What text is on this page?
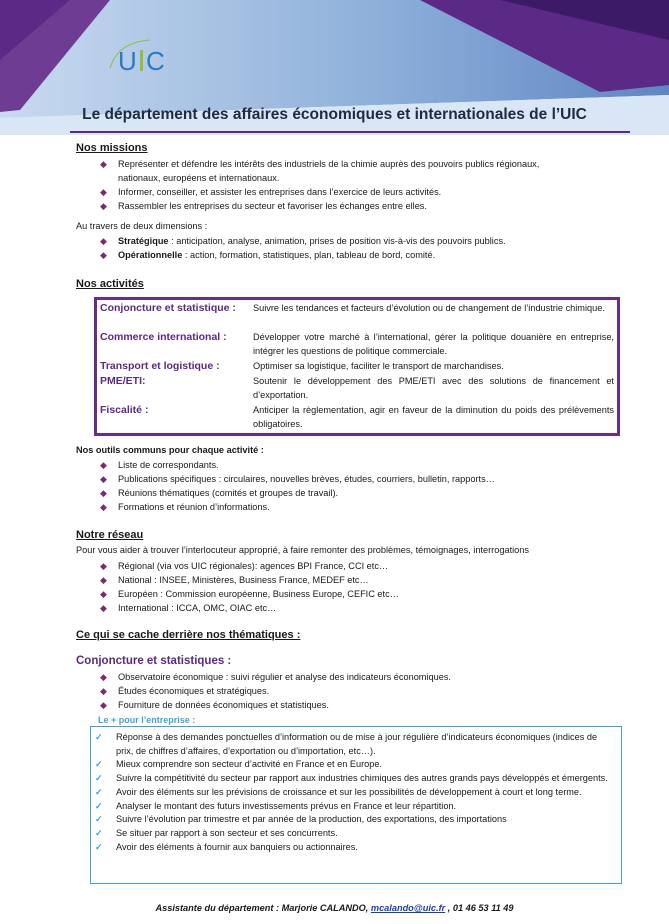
U C
Le département des affaires économiques et internationales de l’UIC
Nos missions
◆ Représenter et défendre les intérêts des industriels de la chimie auprès des pouvoirs publics régionaux,
nationaux, européens et internationaux.
◆ Informer, conseiller, et assister les entreprises dans l’exercice de leurs activités.
◆ Rassembler les entreprises du secteur et favoriser les échanges entre elles.
Au travers de deux dimensions :
◆ Stratégique : anticipation, analyse, animation, prises de position vis-à-vis des pouvoirs publics.
◆ Opérationnelle : action, formation, statistiques, plan, tableau de bord, comité.
Nos activités
Conjoncture et statistique : Suivre les tendances et facteurs d’évolution ou de changement de l’industrie chimique.
Commerce international :	Développer votre marché à l’international, gérer la politique douanière en entreprise, intégrer les questions de politique commerciale.
Transport et logistique :	Optimiser sa logistique, faciliter le transport de marchandises.
PME/ETI:	Soutenir le développement des PME/ETI avec des solutions de financement et d’exportation.
Fiscalité :	Anticiper la règlementation, agir en faveur de la diminution du poids des prélèvements obligatoires.
Nos outils communs pour chaque activité :
◆ Liste de correspondants.
◆ Publications spécifiques : circulaires, nouvelles brèves, études, courriers, bulletin, rapports…
◆ Réunions thématiques (comités et groupes de travail).
◆ Formations et réunion d’informations.
Notre réseau
Pour vous aider à trouver l’interlocuteur approprié, à faire remonter des problèmes, témoignages, interrogations
◆ Régional (via vos UIC régionales): agences BPI France, CCI etc…
◆ National : INSEE, Ministères, Business France, MEDEF etc…
◆ Européen : Commission européenne, Business Europe, CEFIC etc…
◆ International : ICCA, OMC, OIAC etc…
Ce qui se cache derrière nos thématiques :
Conjoncture et statistiques :
◆ Observatoire économique : suivi régulier et analyse des indicateurs économiques.
◆ Études économiques et stratégiques.
◆ Fourniture de données économiques et statistiques.
Le + pour l’entreprise :
✓ Réponse à des demandes ponctuelles d’information ou de mise à jour régulière d’indicateurs économiques (indices de prix, de chiffres d’affaires, d’exportation ou d’importation, etc…).
✓ Mieux comprendre son secteur d’activité en France et en Europe.
✓ Suivre la compétitivité du secteur par rapport aux industries chimiques des autres grands pays développés et émergents.
✓ Avoir des éléments sur les prévisions de croissance et sur les possibilités de développement à court et long terme.
✓ Analyser le montant des futurs investissements prévus en France et leur répartition.
✓ Suivre l’évolution par trimestre et par année de la production, des exportations, des importations
✓ Se situer par rapport à son secteur et ses concurrents.
✓ Avoir des éléments à fournir aux banquiers ou actionnaires.
Assistante du département : Marjorie CALANDO, mcalando@uic.fr , 01 46 53 11 49
